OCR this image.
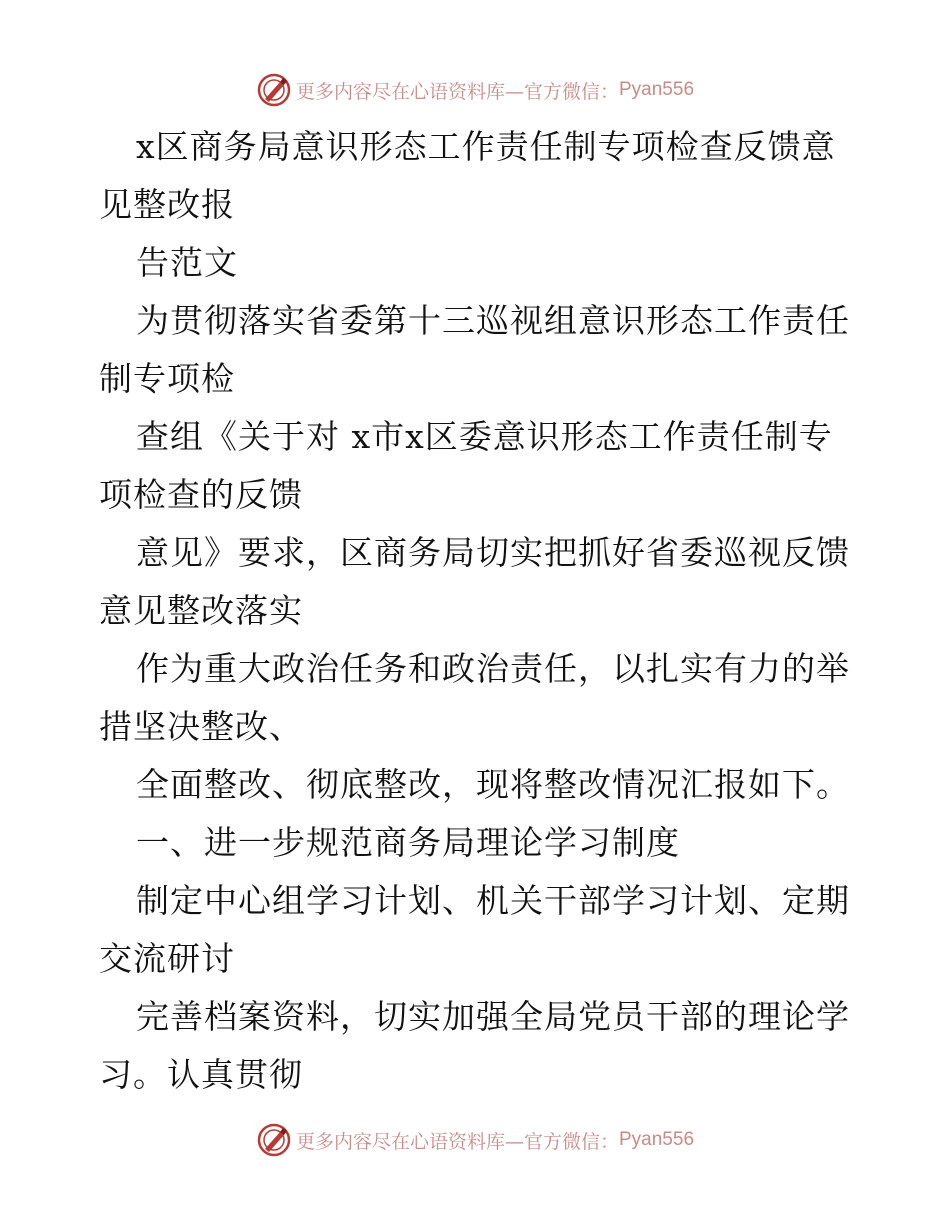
更多内容尽在心语资料库—官方微信： Pyan556
x区商务局意识形态工作责任制专项检查反馈意
见整改报
告范文
为贯彻落实省委第十三巡视组意识形态工作责任
制专项检
查组《关于对 x市x区委意识形态工作责任制专
项检查的反馈
意见》要求，区商务局切实把抓好省委巡视反馈
意见整改落实
作为重大政治任务和政治责任，以扎实有力的举
措坚决整改、
全面整改、彻底整改，现将整改情况汇报如下。
一、进一步规范商务局理论学习制度
制定中心组学习计划、机关干部学习计划、定期
交流研讨
完善档案资料，切实加强全局党员干部的理论学
习。认真贯彻
更多内容尽在心语资料库—官方微信： Pyan556
